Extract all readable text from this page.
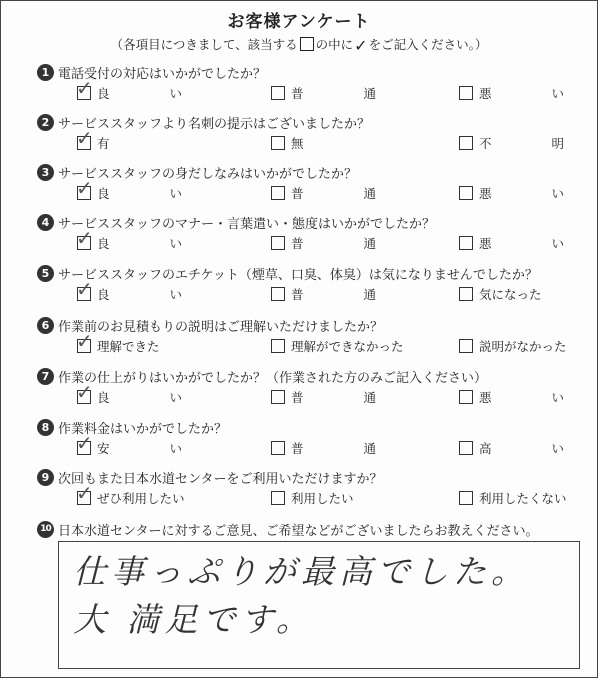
お客様アンケート
（各項目につきまして、該当する の中に✓をご記入ください。）
1 電話受付の対応はいかがでしたか？
✓ 良	い	普	通	悪	い
2 サービススタッフより名刺の提示はございましたか？
✓ 有	無	不	明
3 サービススタッフの身だしなみはいかがでしたか？
✓ 良	い	普	通	悪	い
4 サービススタッフのマナー・言葉遣い・態度はいかがでしたか？
✓ 良	い	普	通	悪	い
5 サービススタッフのエチケット（煙草、口臭、体臭）は気になりませんでしたか？
✓ 良	い	普	通	気になった
6 作業前のお見積もりの説明はご理解いただけましたか？
✓ 理解できた	理解ができなかった	説明がなかった
7 作業の仕上がりはいかがでしたか？（作業された方のみご記入ください）
✓ 良	い	普	通	悪	い
8 作業料金はいかがでしたか？
✓ 安	い	普	通	高	い
9 次回もまた日本水道センターをご利用いただけますか？
✓ ぜひ利用したい	利用したい	利用したくない
10 日本水道センターに対するご意見、ご希望などがございましたらお教えください。
仕事っぷりが最高でした。
大 満足です。
